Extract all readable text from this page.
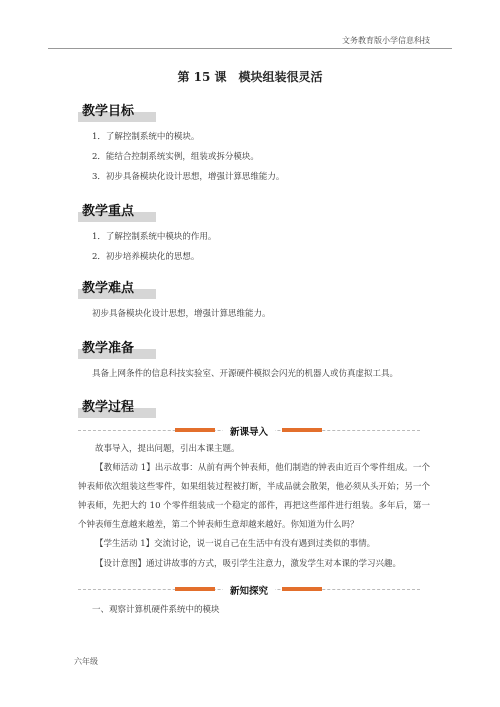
文务教育版小学信息科技
第 15 课　模块组装很灵活
教学目标
1．了解控制系统中的模块。
2．能结合控制系统实例，组装或拆分模块。
3．初步具备模块化设计思想，增强计算思维能力。
教学重点
1．了解控制系统中模块的作用。
2．初步培养模块化的思想。
教学难点
初步具备模块化设计思想，增强计算思维能力。
教学准备
具备上网条件的信息科技实验室、开源硬件模拟会闪光的机器人或仿真虚拟工具。
教学过程
新课导入
故事导入，提出问题，引出本课主题。
【教师活动 1】出示故事：从前有两个钟表师，他们制造的钟表由近百个零件组成。一个钟表师依次组装这些零件，如果组装过程被打断，半成品就会散架，他必须从头开始；另一个钟表师，先把大约 10 个零件组装成一个稳定的部件，再把这些部件进行组装。多年后，第一个钟表师生意越来越差，第二个钟表师生意却越来越好。你知道为什么吗？
【学生活动 1】交流讨论，说一说自己在生活中有没有遇到过类似的事情。
【设计意图】通过讲故事的方式，吸引学生注意力，激发学生对本课的学习兴趣。
新知探究
一、观察计算机硬件系统中的模块
六年级
